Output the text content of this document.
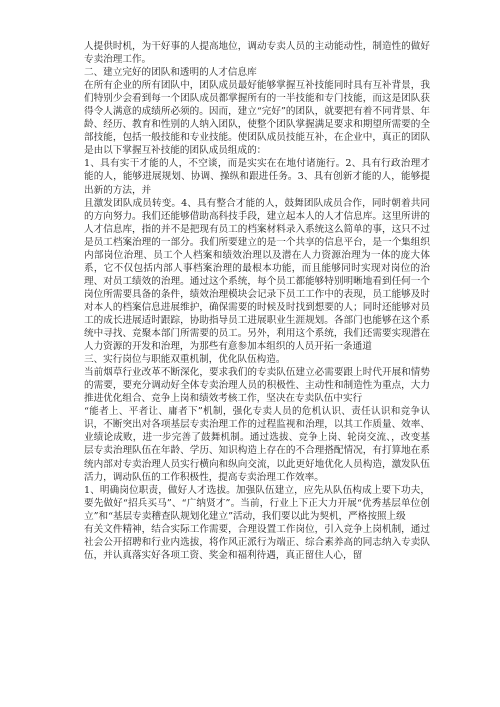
人提供时机，为干好事的人提高地位，调动专卖人员的主动能动性，制造性的做好专卖治理工作。

二、建立完好的团队和透明的人才信息库

在所有企业的所有团队中，团队成员最好能够掌握互补技能同时具有互补背景，我们特别少会看到每一个团队成员都掌握所有的一半技能和专门技能，而这是团队获得令人满意的成绩所必须的。因而，建立“完好”的团队，就要把有着不同背景、年龄、经历、教育和性别的人纳入团队，使整个团队掌握满足要求和期望所需要的全部技能，包括一般技能和专业技能。使团队成员技能互补，在企业中，真正的团队是由以下掌握互补技能的团队成员组成的：

1、具有实干才能的人，不空谈，而是实实在在地付诸施行。2、具有行政治理才能的人，能够进展规划、协调、操纵和跟进任务。3、具有创新才能的人，能够提出新的方法，并

且激发团队成员转变。4、具有整合才能的人，鼓舞团队成员合作，同时朝着共同的方向努力。我们还能够借助高科技手段，建立起本人的人才信息库。这里所讲的人才信息库，指的并不是把现有员工的档案材料录入系统这么简单的事，这只不过是员工档案治理的一部分。我们所要建立的是一个共享的信息平台，是一个集组织内部岗位治理、员工个人档案和绩效治理以及潜在人力资源治理为一体的庞大体系，它不仅包括内部人事档案治理的最根本功能，而且能够同时实现对岗位的治理、对员工绩效的治理。通过这个系统，每个员工都能够特别明晰地看到任何一个岗位所需要具备的条件，绩效治理模块会记录下员工工作中的表现，员工能够及时对本人的档案信息进展维护，确保需要的时候及时找到想要的人；同时还能够对员工的成长进展适时跟踪，协助指导员工进展职业生涯规划。各部门也能够在这个系统中寻找、竞聚本部门所需要的员工。另外，利用这个系统，我们还需要实现潜在人力资源的开发和治理，为那些有意参加本组织的人员开拓一条通道

三、实行岗位与职能双重机制，优化队伍构造。

当前烟草行业改革不断深化，要求我们的专卖队伍建立必需要跟上时代开展和情势的需要，要充分调动好全体专卖治理人员的积极性、主动性和制造性为重点，大力推进优化组合、竞争上岗和绩效考核工作，坚决在专卖队伍中实行

“能者上、平者让、庸者下”机制，强化专卖人员的危机认识、责任认识和竞争认识，不断突出对各项基层专卖治理工作的过程监视和治理，以其工作质量、效率、业绩论成败，进一步完善了鼓舞机制。通过选拔、竞争上岗、轮岗交流、，改变基层专卖治理队伍在年龄、学历、知识构造上存在的不合理搭配情况，有打算地在系统内部对专卖治理人员实行横向和纵向交流，以此更好地优化人员构造，激发队伍活力，调动队伍的工作积极性，提高专卖治理工作效率。

1、明确岗位职责，做好人才选拔。加强队伍建立，应先从队伍构成上要下功夫，要先做好“招兵买马”、“广纳贤才”。当前，行业上下正大力开展“优秀基层单位创立”和“基层专卖稽查队规划化建立”活动，我们要以此为契机，严格按照上级

有关文件精神，结合实际工作需要，合理设置工作岗位，引入竞争上岗机制，通过社会公开招聘和行业内选拔，将作风正派行为端正、综合素养高的同志纳入专卖队伍，并认真落实好各项工资、奖金和福利待遇，真正留住人心，留
